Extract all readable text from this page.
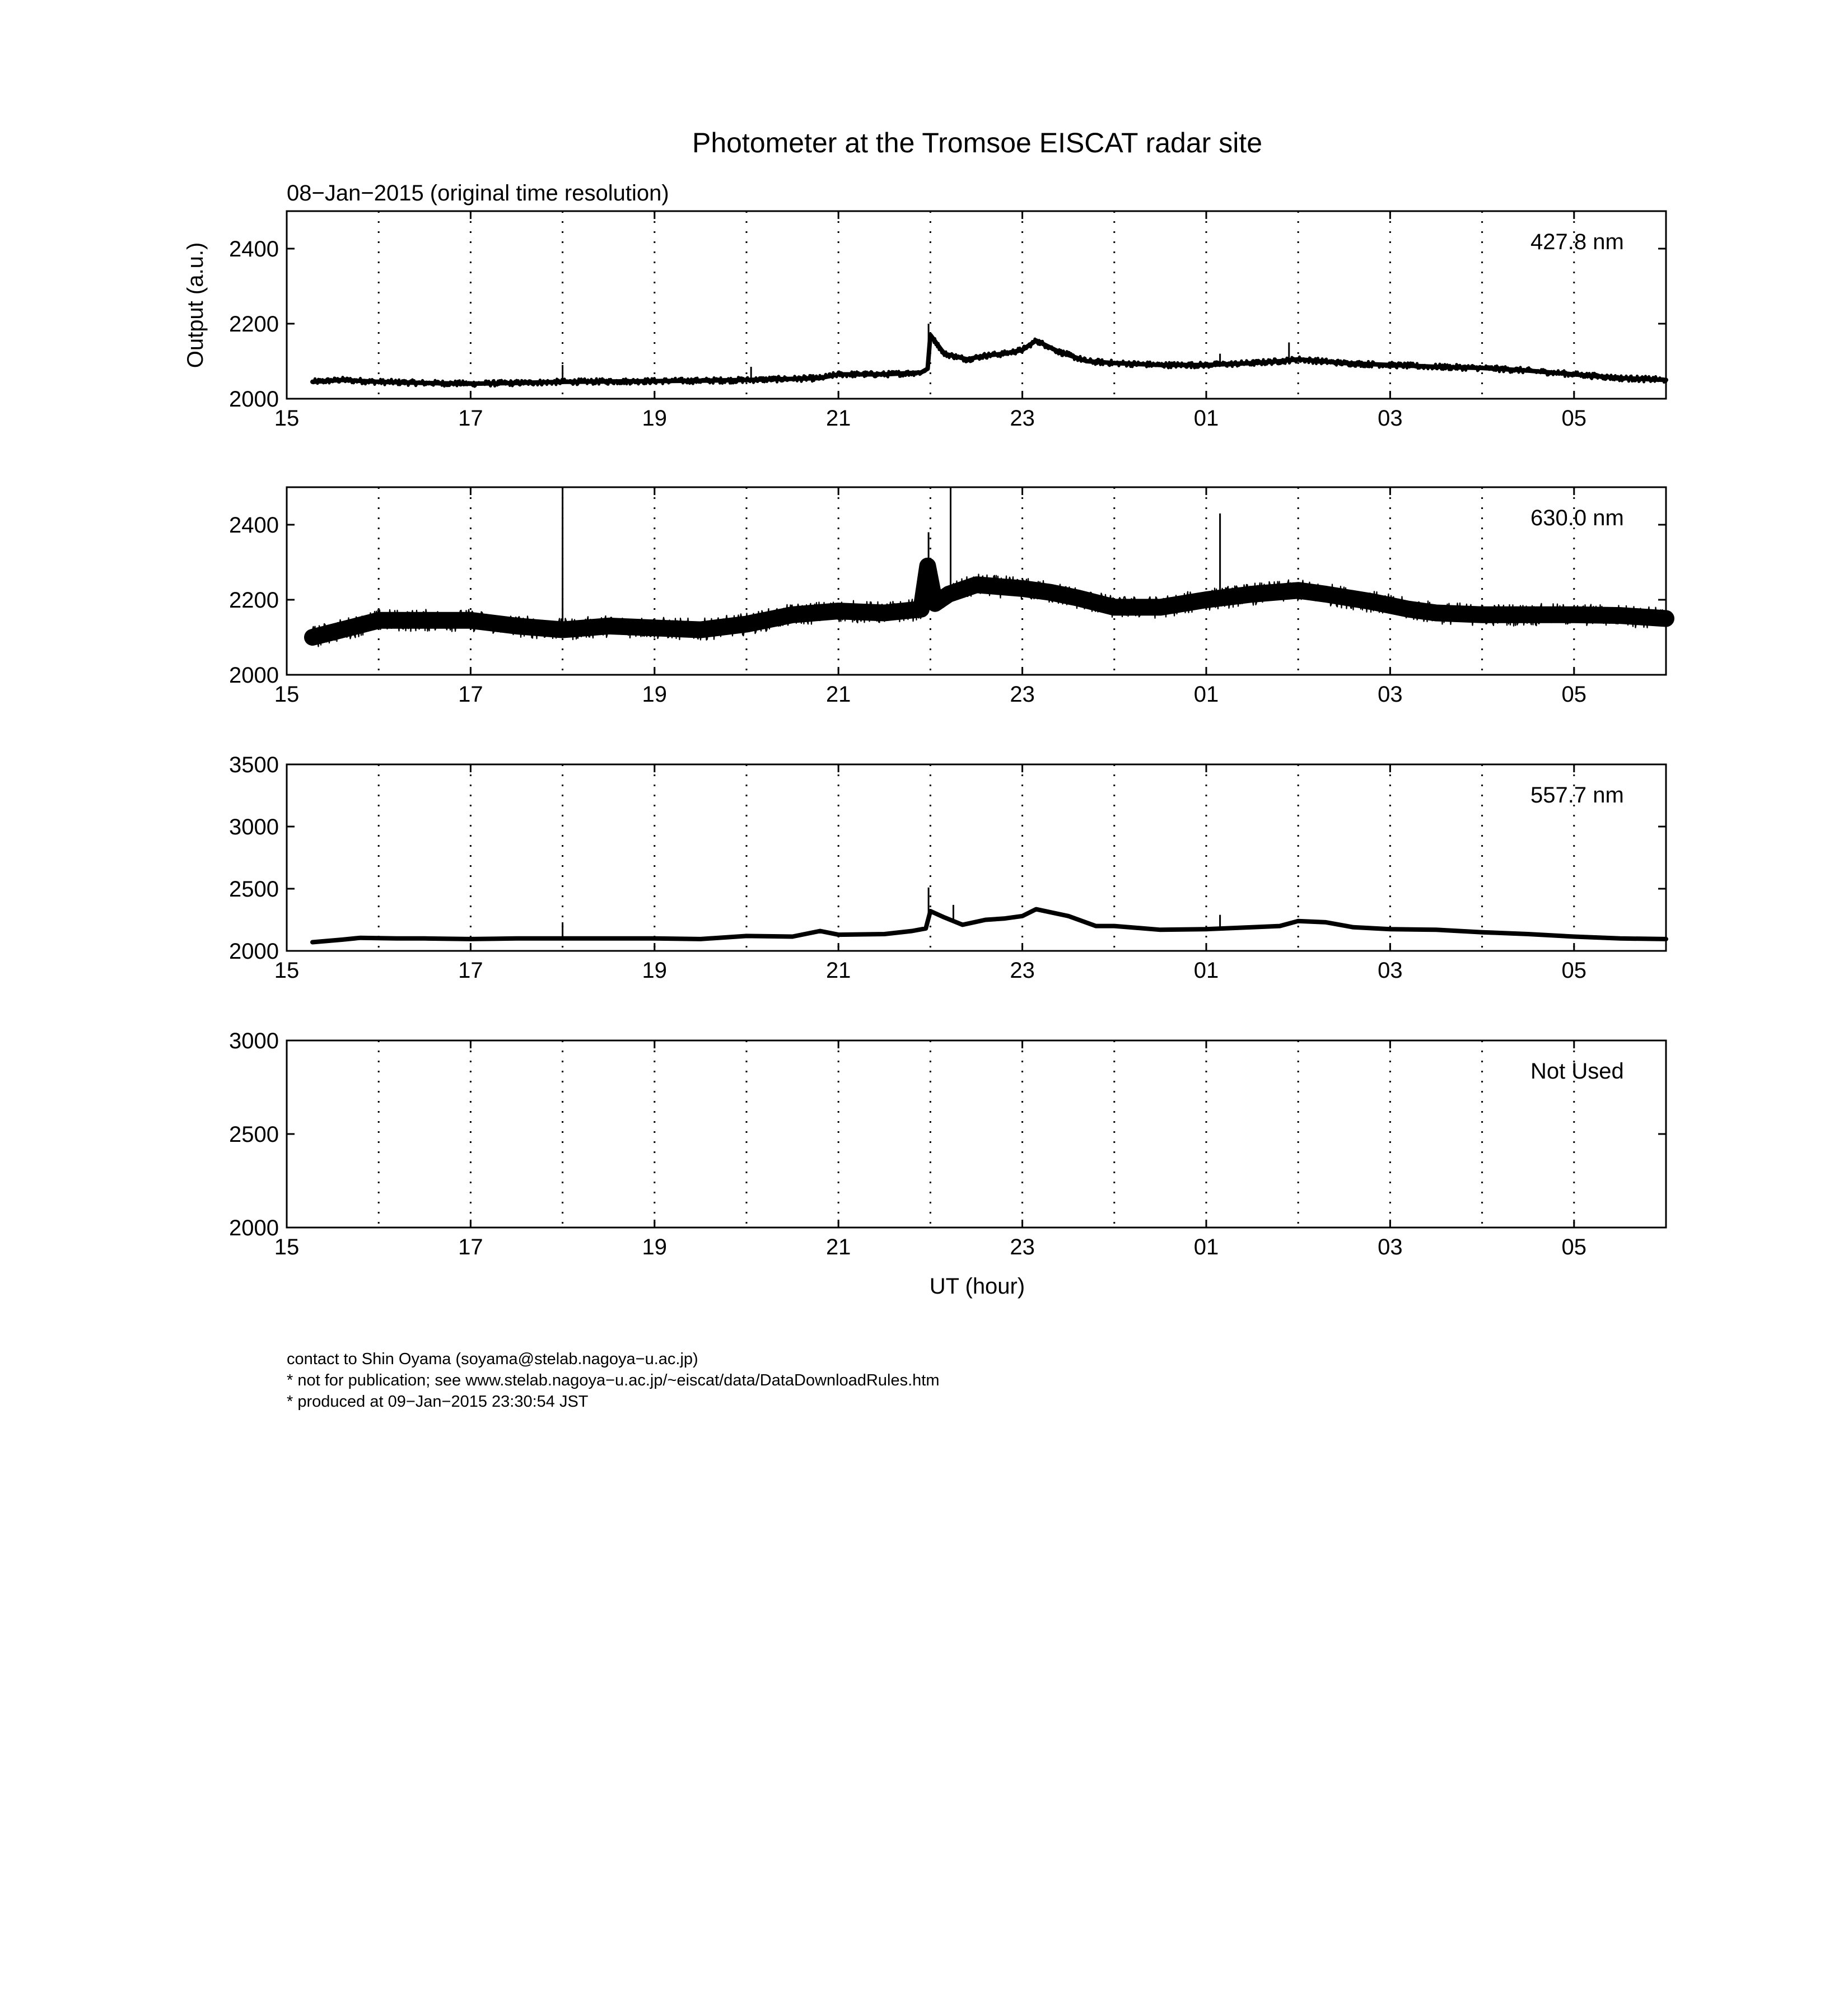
Photometer at the Tromsoe EISCAT radar site
08−Jan−2015 (original time resolution)
Output (a.u.)
15	17	19	21	23	01	03	05
2000
2200
2400	427.8 nm
15	17	19	21	23	01	03	05
2000
2200
2400	630.0 nm
15	17	19	21	23	01	03	05
2000
2500
3000
3500
557.7 nm
15	17	19	21	23	01	03	05
2000
2500
3000
Not Used
UT (hour)
contact to Shin Oyama (soyama@stelab.nagoya−u.ac.jp)
* not for publication; see www.stelab.nagoya−u.ac.jp/~eiscat/data/DataDownloadRules.htm
* produced at 09−Jan−2015 23:30:54 JST
